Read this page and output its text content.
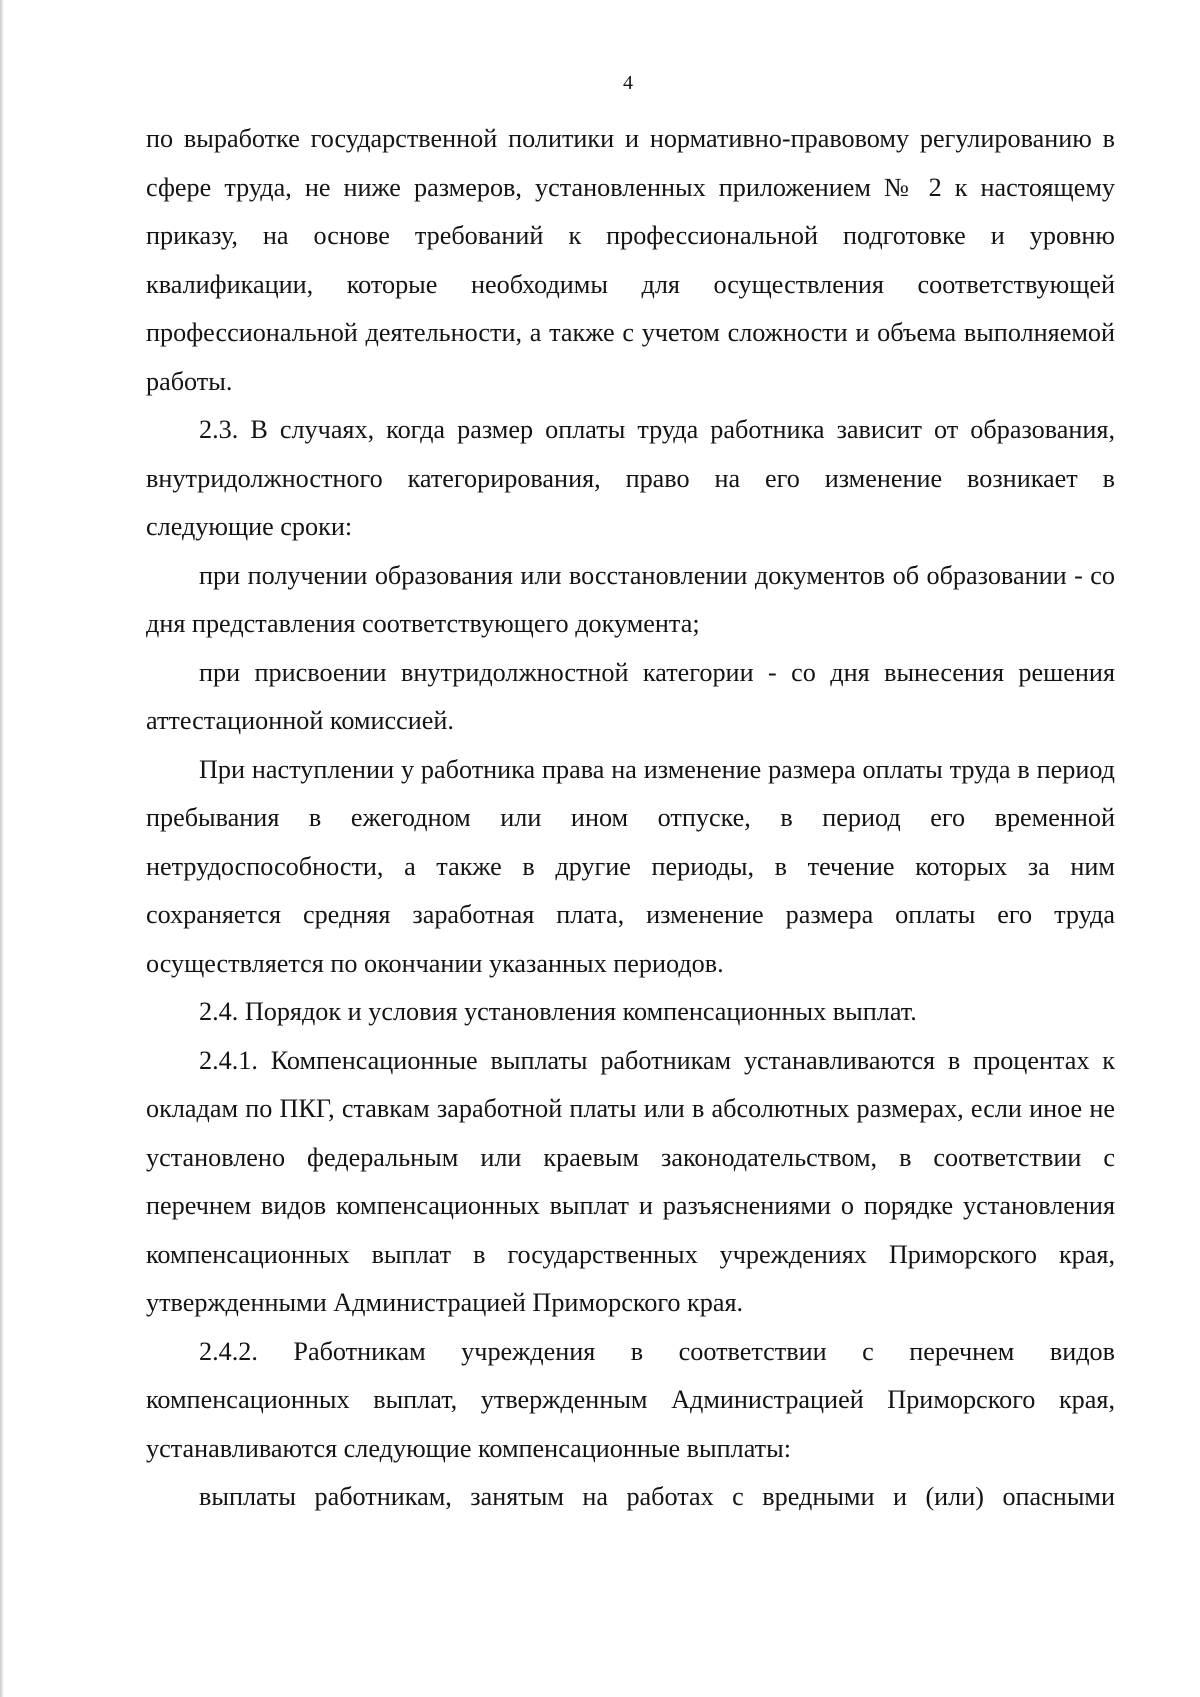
4

по выработке государственной политики и нормативно-правовому регулированию в сфере труда, не ниже размеров, установленных приложением № 2 к настоящему приказу, на основе требований к профессиональной подготовке и уровню квалификации, которые необходимы для осуществления соответствующей профессиональной деятельности, а также с учетом сложности и объема выполняемой работы.

2.3. В случаях, когда размер оплаты труда работника зависит от образования, внутридолжностного категорирования, право на его изменение возникает в следующие сроки:

при получении образования или восстановлении документов об образовании - со дня представления соответствующего документа;

при присвоении внутридолжностной категории - со дня вынесения решения аттестационной комиссией.

При наступлении у работника права на изменение размера оплаты труда в период пребывания в ежегодном или ином отпуске, в период его временной нетрудоспособности, а также в другие периоды, в течение которых за ним сохраняется средняя заработная плата, изменение размера оплаты его труда осуществляется по окончании указанных периодов.

2.4. Порядок и условия установления компенсационных выплат.

2.4.1. Компенсационные выплаты работникам устанавливаются в процентах к окладам по ПКГ, ставкам заработной платы или в абсолютных размерах, если иное не установлено федеральным или краевым законодательством, в соответствии с перечнем видов компенсационных выплат и разъяснениями о порядке установления компенсационных выплат в государственных учреждениях Приморского края, утвержденными Администрацией Приморского края.

2.4.2. Работникам учреждения в соответствии с перечнем видов компенсационных выплат, утвержденным Администрацией Приморского края, устанавливаются следующие компенсационные выплаты:

выплаты работникам, занятым на работах с вредными и (или) опасными
